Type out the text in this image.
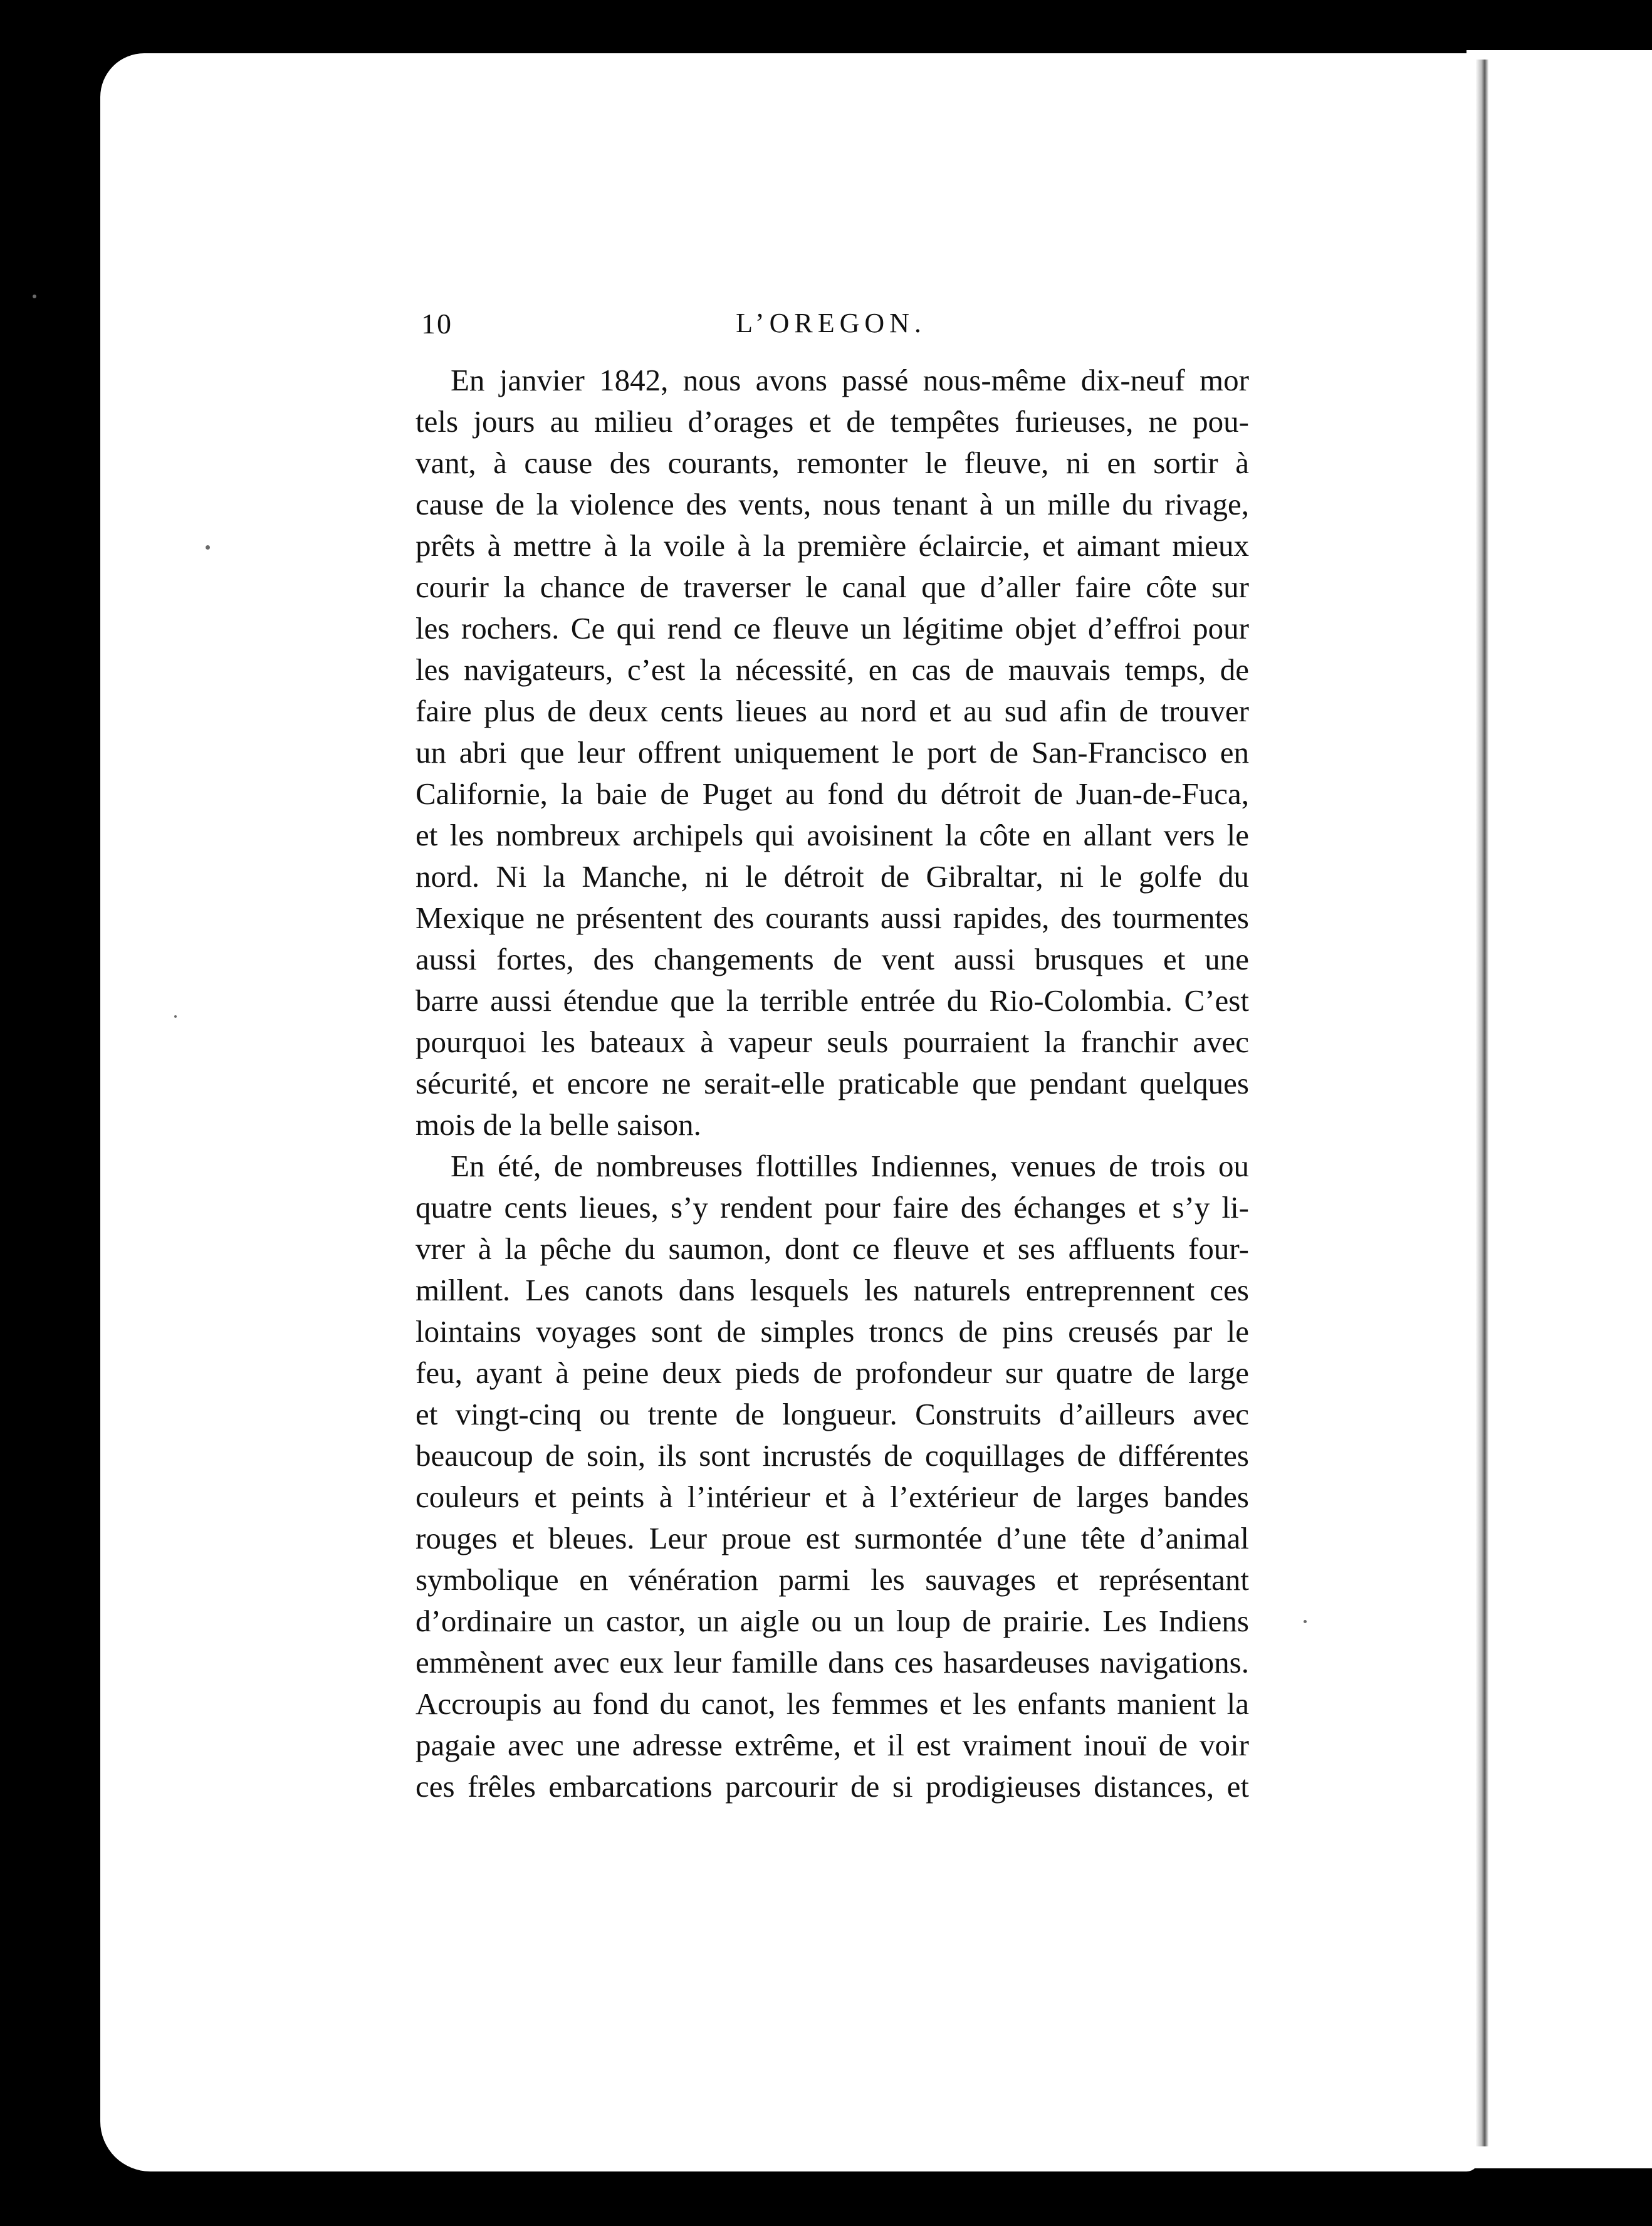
10	L’OREGON.

En janvier 1842, nous avons passé nous-même dix-neuf mor
tels jours au milieu d’orages et de tempêtes furieuses, ne pou-
vant, à cause des courants, remonter le fleuve, ni en sortir à
cause de la violence des vents, nous tenant à un mille du rivage,
prêts à mettre à la voile à la première éclaircie, et aimant mieux
courir la chance de traverser le canal que d’aller faire côte sur
les rochers. Ce qui rend ce fleuve un légitime objet d’effroi pour
les navigateurs, c’est la nécessité, en cas de mauvais temps, de
faire plus de deux cents lieues au nord et au sud afin de trouver
un abri que leur offrent uniquement le port de San-Francisco en
Californie, la baie de Puget au fond du détroit de Juan-de-Fuca,
et les nombreux archipels qui avoisinent la côte en allant vers le
nord. Ni la Manche, ni le détroit de Gibraltar, ni le golfe du
Mexique ne présentent des courants aussi rapides, des tourmentes
aussi fortes, des changements de vent aussi brusques et une
barre aussi étendue que la terrible entrée du Rio-Colombia. C’est
pourquoi les bateaux à vapeur seuls pourraient la franchir avec
sécurité, et encore ne serait-elle praticable que pendant quelques
mois de la belle saison.

En été, de nombreuses flottilles Indiennes, venues de trois ou
quatre cents lieues, s’y rendent pour faire des échanges et s’y li-
vrer à la pêche du saumon, dont ce fleuve et ses affluents four-
millent. Les canots dans lesquels les naturels entreprennent ces
lointains voyages sont de simples troncs de pins creusés par le
feu, ayant à peine deux pieds de profondeur sur quatre de large
et vingt-cinq ou trente de longueur. Construits d’ailleurs avec
beaucoup de soin, ils sont incrustés de coquillages de différentes
couleurs et peints à l’intérieur et à l’extérieur de larges bandes
rouges et bleues. Leur proue est surmontée d’une tête d’animal
symbolique en vénération parmi les sauvages et représentant
d’ordinaire un castor, un aigle ou un loup de prairie. Les Indiens
emmènent avec eux leur famille dans ces hasardeuses navigations.
Accroupis au fond du canot, les femmes et les enfants manient la
pagaie avec une adresse extrême, et il est vraiment inouï de voir
ces frêles embarcations parcourir de si prodigieuses distances, et
